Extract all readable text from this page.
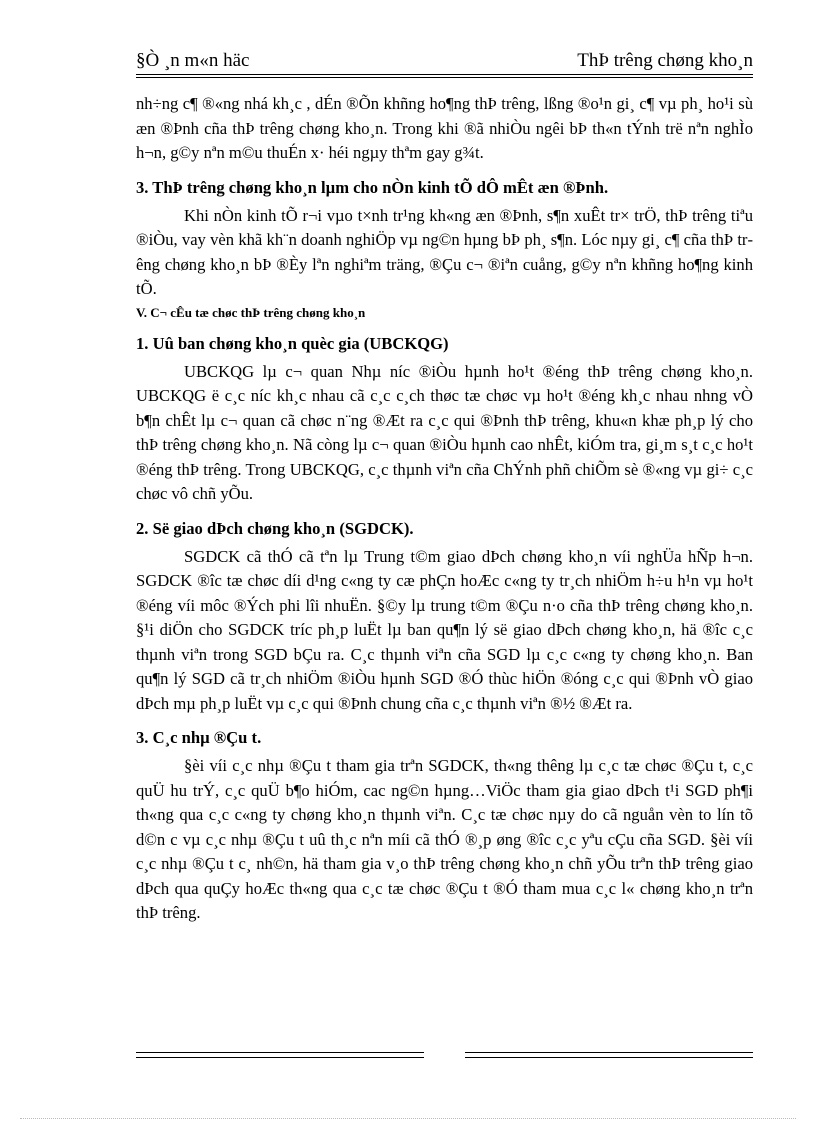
§Ò ¸n m«n häc	ThÞ trêng chøng kho¸n

nh÷ng c¶ ®«ng nhá kh¸c , dÉn ®Õn khñng ho¶ng thÞ trêng, lßng ®o¹n gi¸ c¶ vµ ph¸ ho¹i sù æn ®Þnh cña thÞ trêng chøng kho¸n. Trong khi ®ã nhiÒu ngêi bÞ th«n tÝnh trë nªn nghÌo h¬n, g©y nªn m©u thuÉn x· héi ngµy thªm gay g¾t.

3. ThÞ trêng chøng kho¸n lµm cho nÒn kinh tÕ dÔ mÊt æn ®Þnh.

Khi nÒn kinh tÕ r¬i vµo t×nh tr¹ng kh«ng æn ®Þnh, s¶n xuÊt tr× trÖ, thÞ trêng tiªu ®iÒu, vay vèn khã kh¨n doanh nghiÖp vµ ng©n hµng bÞ ph¸ s¶n. Lóc nµy gi¸ c¶ cña thÞ trêng chøng kho¸n bÞ ®Èy lªn nghiªm träng, ®Çu c¬ ®iªn cuång, g©y nªn khñng ho¶ng kinh tÕ.

V. C¬ cÊu tæ chøc thÞ trêng chøng kho¸n
1. Uû ban chøng kho¸n quèc gia (UBCKQG)

UBCKQG lµ c¬ quan Nhµ níc ®iÒu hµnh ho¹t ®éng thÞ trêng chøng kho¸n. UBCKQG ë c¸c níc kh¸c nhau cã c¸c c¸ch thøc tæ chøc vµ ho¹t ®éng kh¸c nhau nhng vÒ b¶n chÊt lµ c¬ quan cã chøc n¨ng ®Æt ra c¸c qui ®Þnh thÞ trêng, khu«n khæ ph¸p lý cho thÞ trêng chøng kho¸n. Nã còng lµ c¬ quan ®iÒu hµnh cao nhÊt, kiÓm tra, gi¸m s¸t c¸c ho¹t ®éng thÞ trêng. Trong UBCKQG, c¸c thµnh viªn cña ChÝnh phñ chiÕm sè ®«ng vµ gi÷ c¸c chøc vô chñ yÕu.

2. Së giao dÞch chøng kho¸n (SGDCK).

SGDCK cã thÓ cã tªn lµ Trung t©m giao dÞch chøng kho¸n víi nghÜa hÑp h¬n. SGDCK ®îc tæ chøc díi d¹ng c«ng ty cæ phÇn hoÆc c«ng ty tr¸ch nhiÖm h÷u h¹n vµ ho¹t ®éng víi môc ®Ých phi lîi nhuËn. §©y lµ trung t©m ®Çu n·o cña thÞ trêng chøng kho¸n. §¹i diÖn cho SGDCK tríc ph¸p luËt lµ ban qu¶n lý së giao dÞch chøng kho¸n, hä ®îc c¸c thµnh viªn trong SGD bÇu ra. C¸c thµnh viªn cña SGD lµ c¸c c«ng ty chøng kho¸n. Ban qu¶n lý SGD cã tr¸ch nhiÖm ®iÒu hµnh SGD ®Ó thùc hiÖn ®óng c¸c qui ®Þnh vÒ giao dÞch mµ ph¸p luËt vµ c¸c qui ®Þnh chung cña c¸c thµnh viªn ®½ ®Æt ra.

3. C¸c nhµ ®Çu t.

§èi víi c¸c nhµ ®Çu t tham gia trªn SGDCK, th«ng thêng lµ c¸c tæ chøc ®Çu t, c¸c quÜ hu trÝ, c¸c quÜ b¶o hiÓm, cac ng©n hµng…ViÖc tham gia giao dÞch t¹i SGD ph¶i th«ng qua c¸c c«ng ty chøng kho¸n thµnh viªn. C¸c tæ chøc nµy do cã nguån vèn to lín tõ d©n c vµ c¸c nhµ ®Çu t uû th¸c nªn míi cã thÓ ®¸p øng ®îc c¸c yªu cÇu cña SGD. §èi víi c¸c nhµ ®Çu t c¸ nh©n, hä tham gia v¸o thÞ trêng chøng kho¸n chñ yÕu trªn thÞ trêng giao dÞch qua quÇy hoÆc th«ng qua c¸c tæ chøc ®Çu t ®Ó tham mua c¸c l« chøng kho¸n trªn thÞ trêng.
